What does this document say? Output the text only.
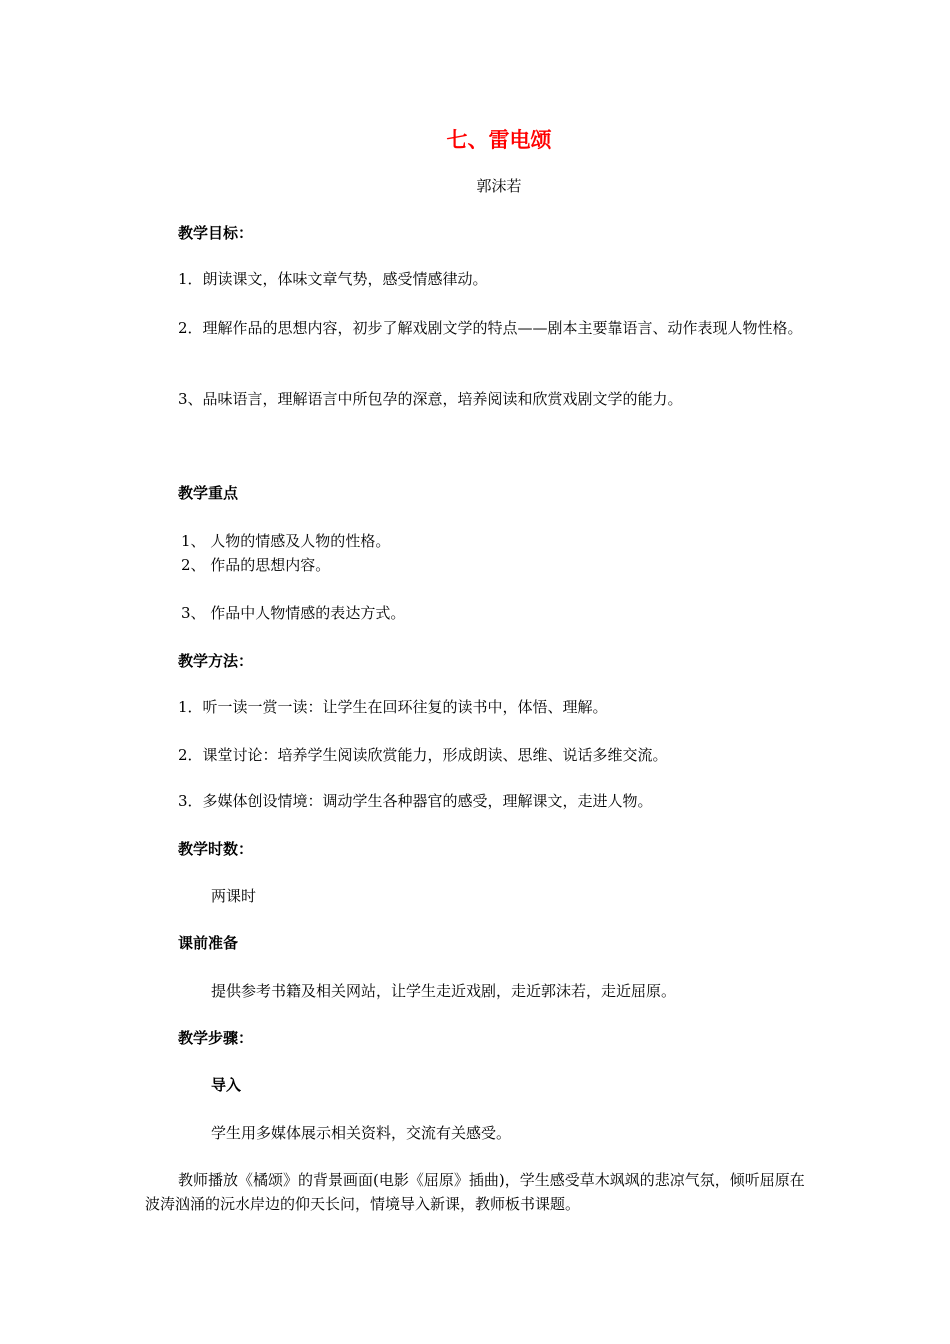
七、雷电颂
郭沫若
教学目标：
1．朗读课文，体味文章气势，感受情感律动。
2．理解作品的思想内容，初步了解戏剧文学的特点——剧本主要靠语言、动作表现人物性格。
3、品味语言，理解语言中所包孕的深意，培养阅读和欣赏戏剧文学的能力。
教学重点
1、 人物的情感及人物的性格。
2、 作品的思想内容。
3、 作品中人物情感的表达方式。
教学方法：
1．听一读一赏一读：让学生在回环往复的读书中，体悟、理解。
2．课堂讨论：培养学生阅读欣赏能力，形成朗读、思维、说话多维交流。
3．多媒体创设情境：调动学生各种器官的感受，理解课文，走进人物。
教学时数：
两课时
课前准备
提供参考书籍及相关网站，让学生走近戏剧，走近郭沫若，走近屈原。
教学步骤：
导入
学生用多媒体展示相关资料，交流有关感受。
教师播放《橘颂》的背景画面(电影《屈原》插曲)，学生感受草木飒飒的悲凉气氛，倾听屈原在波涛汹涌的沅水岸边的仰天长问，情境导入新课，教师板书课题。
